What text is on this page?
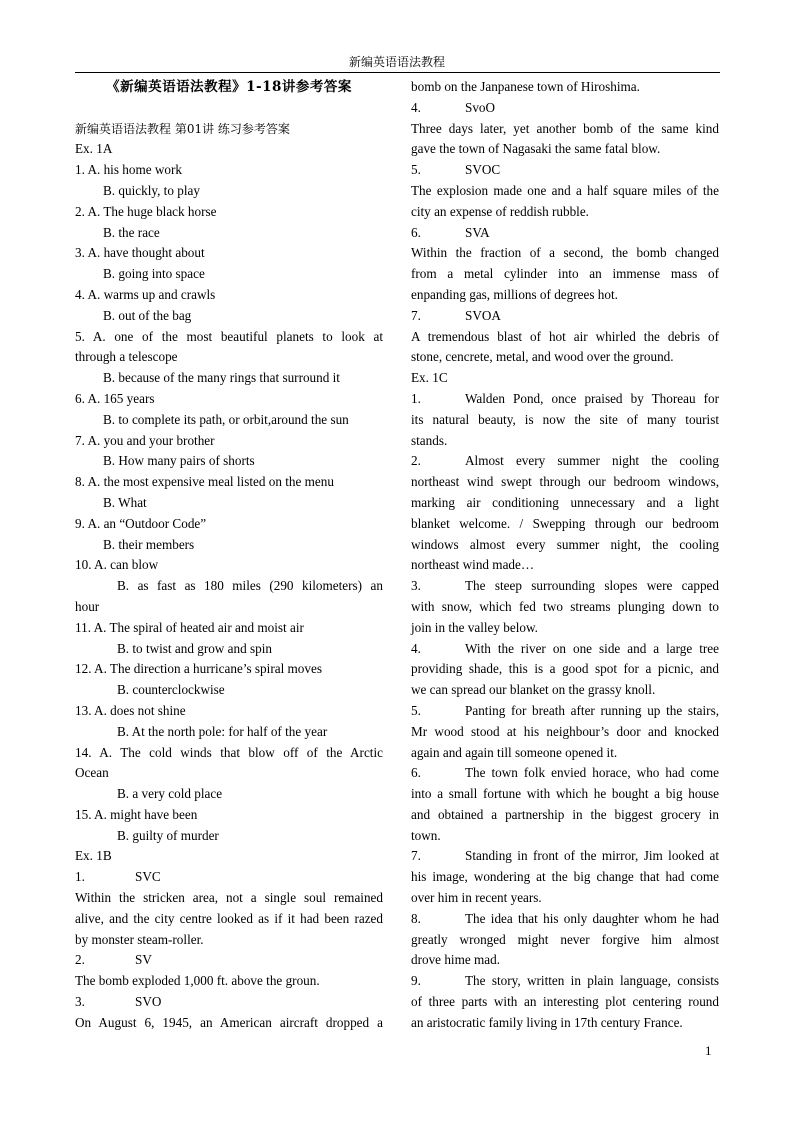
新编英语语法教程
《新编英语语法教程》1-18讲参考答案
新编英语语法教程 第01讲 练习参考答案
Ex. 1A
1. A. his home work
B. quickly, to play
2. A. The huge black horse
B. the race
3. A. have thought about
B. going into space
4. A. warms up and crawls
B. out of the bag
5. A. one of the most beautiful planets to look at
through a telescope
B. because of the many rings that surround it
6. A. 165 years
B. to complete its path, or orbit,around the sun
7. A. you and your brother
B. How many pairs of shorts
8. A. the most expensive meal listed on the menu
B. What
9. A. an “Outdoor Code”
B. their members
10. A. can blow
B. as fast as 180 miles (290 kilometers) an
hour
11. A. The spiral of heated air and moist air
B. to twist and grow and spin
12. A. The direction a hurricane’s spiral moves
B. counterclockwise
13. A. does not shine
B. At the north pole: for half of the year
14. A. The cold winds that blow off of the Arctic
Ocean
B. a very cold place
15. A. might have been
B. guilty of murder
Ex. 1B
1.	SVC
Within the stricken area, not a single soul remained
alive, and the city centre looked as if it had been razed
by monster steam-roller.
2.	SV
The bomb exploded 1,000 ft. above the groun.
3.	SVO
On August 6, 1945, an American aircraft dropped a
bomb on the Janpanese town of Hiroshima.
4.	SvoO
Three days later, yet another bomb of the same kind
gave the town of Nagasaki the same fatal blow.
5.	SVOC
The explosion made one and a half square miles of the
city an expense of reddish rubble.
6.	SVA
Within the fraction of a second, the bomb changed
from a metal cylinder into an immense mass of
enpanding gas, millions of degrees hot.
7.	SVOA
A tremendous blast of hot air whirled the debris of
stone, cencrete, metal, and wood over the ground.
Ex. 1C
1.	Walden Pond, once praised by Thoreau for
its natural beauty, is now the site of many tourist
stands.
2.	Almost every summer night the cooling
northeast wind swept through our bedroom windows,
marking air conditioning unnecessary and a light
blanket welcome. / Swepping through our bedroom
windows almost every summer night, the cooling
northeast wind made…
3.	The steep surrounding slopes were capped
with snow, which fed two streams plunging down to
join in the valley below.
4.	With the river on one side and a large tree
providing shade, this is a good spot for a picnic, and
we can spread our blanket on the grassy knoll.
5.	Panting for breath after running up the stairs,
Mr wood stood at his neighbour’s door and knocked
again and again till someone opened it.
6.	The town folk envied horace, who had come
into a small fortune with which he bought a big house
and obtained a partnership in the biggest grocery in
town.
7.	Standing in front of the mirror, Jim looked at
his image, wondering at the big change that had come
over him in recent years.
8.	The idea that his only daughter whom he had
greatly wronged might never forgive him almost
drove hime mad.
9.	The story, written in plain language, consists
of three parts with an interesting plot centering round
an aristocratic family living in 17th century France.
1
